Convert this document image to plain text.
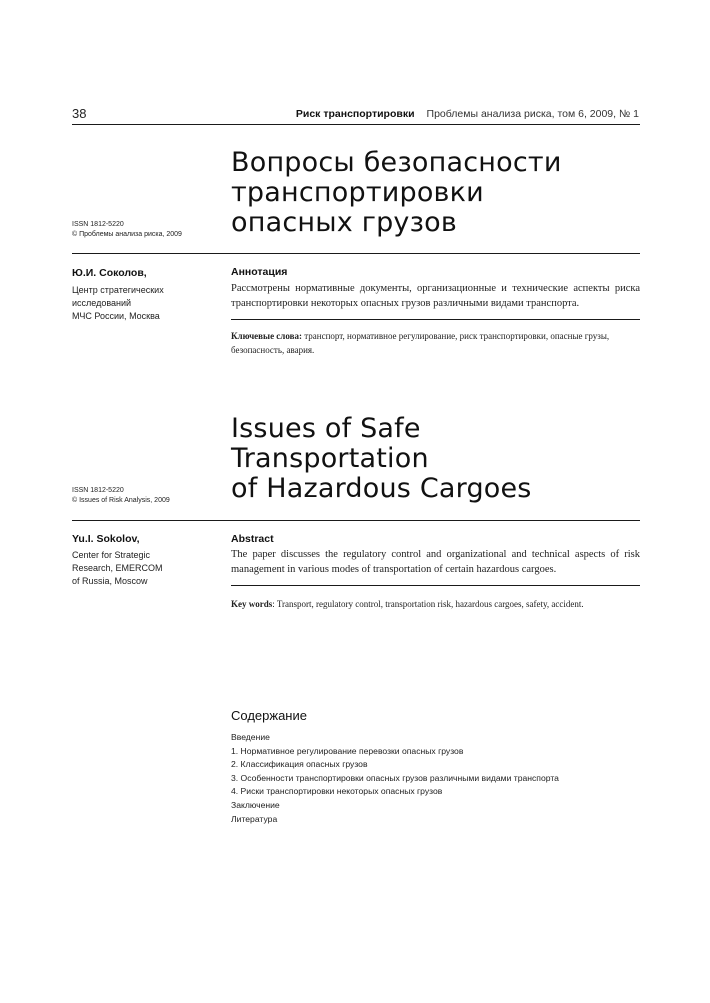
38	Риск транспортировки Проблемы анализа риска, том 6, 2009, № 1
Вопросы безопасности
транспортировки
опасных грузов
ISSN 1812-5220
© Проблемы анализа риска, 2009
Ю.И. Соколов,
Центр стратегических
исследований
МЧС России, Москва
Аннотация
Рассмотрены нормативные документы, организационные и технические аспекты риска транспортировки некоторых опасных грузов различными видами транспорта.
Ключевые слова: транспорт, нормативное регулирование, риск транспортировки, опасные грузы, безопасность, авария.
Issues of Safe
Transportation
of Hazardous Cargoes
ISSN 1812-5220
© Issues of Risk Analysis, 2009
Yu.I. Sokolov,
Center for Strategic
Research, EMERCOM
of Russia, Moscow
Abstract
The paper discusses the regulatory control and organizational and technical aspects of risk management in various modes of transportation of certain hazardous cargoes.
Key words: Transport, regulatory control, transportation risk, hazardous cargoes, safety, accident.
Содержание
Введение
1. Нормативное регулирование перевозки опасных грузов
2. Классификация опасных грузов
3. Особенности транспортировки опасных грузов различными видами транспорта
4. Риски транспортировки некоторых опасных грузов
Заключение
Литература
